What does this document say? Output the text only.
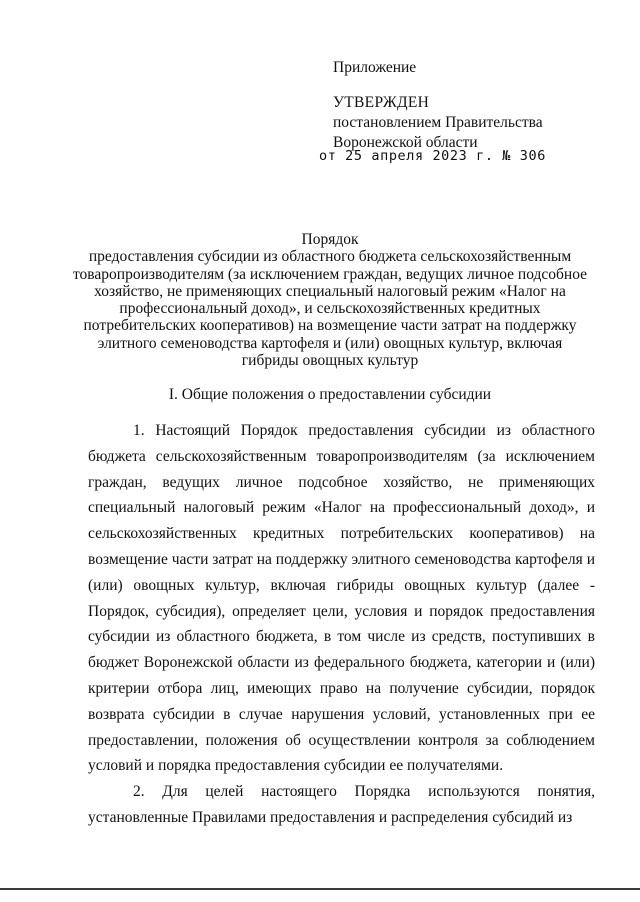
Приложение
УТВЕРЖДЕН
постановлением Правительства
Воронежской области
от 25 апреля 2023 г. № 306
Порядок
предоставления субсидии из областного бюджета сельскохозяйственным товаропроизводителям (за исключением граждан, ведущих личное подсобное хозяйство, не применяющих специальный налоговый режим «Налог на профессиональный доход», и сельскохозяйственных кредитных потребительских кооперативов) на возмещение части затрат на поддержку элитного семеноводства картофеля и (или) овощных культур, включая гибриды овощных культур
I. Общие положения о предоставлении субсидии

1. Настоящий Порядок предоставления субсидии из областного бюджета сельскохозяйственным товаропроизводителям (за исключением граждан, ведущих личное подсобное хозяйство, не применяющих специальный налоговый режим «Налог на профессиональный доход», и сельскохозяйственных кредитных потребительских кооперативов) на возмещение части затрат на поддержку элитного семеноводства картофеля и (или) овощных культур, включая гибриды овощных культур (далее - Порядок, субсидия), определяет цели, условия и порядок предоставления субсидии из областного бюджета, в том числе из средств, поступивших в бюджет Воронежской области из федерального бюджета, категории и (или) критерии отбора лиц, имеющих право на получение субсидии, порядок возврата субсидии в случае нарушения условий, установленных при ее предоставлении, положения об осуществлении контроля за соблюдением условий и порядка предоставления субсидии ее получателями.

2. Для целей настоящего Порядка используются понятия, установленные Правилами предоставления и распределения субсидий из
